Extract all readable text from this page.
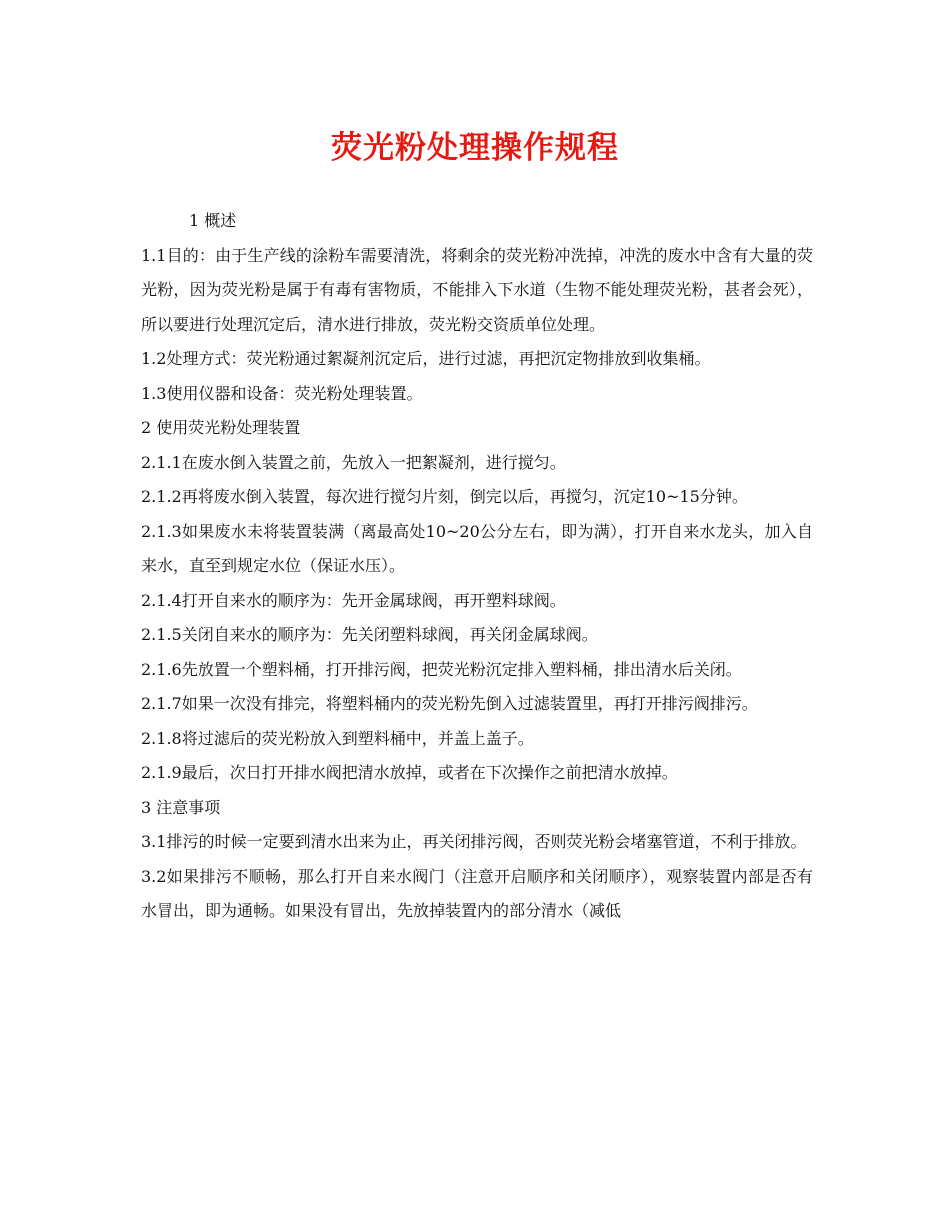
荧光粉处理操作规程

1 概述

1.1目的：由于生产线的涂粉车需要清洗，将剩余的荧光粉冲洗掉，冲洗的废水中含有大量的荧光粉，因为荧光粉是属于有毒有害物质，不能排入下水道（生物不能处理荧光粉，甚者会死），所以要进行处理沉定后，清水进行排放，荧光粉交资质单位处理。

1.2处理方式：荧光粉通过絮凝剂沉定后，进行过滤，再把沉定物排放到收集桶。

1.3使用仪器和设备：荧光粉处理装置。

2 使用荧光粉处理装置

2.1.1在废水倒入装置之前，先放入一把絮凝剂，进行搅匀。

2.1.2再将废水倒入装置，每次进行搅匀片刻，倒完以后，再搅匀，沉定10~15分钟。

2.1.3如果废水未将装置装满（离最高处10~20公分左右，即为满），打开自来水龙头，加入自来水，直至到规定水位（保证水压）。

2.1.4打开自来水的顺序为：先开金属球阀，再开塑料球阀。

2.1.5关闭自来水的顺序为：先关闭塑料球阀，再关闭金属球阀。

2.1.6先放置一个塑料桶，打开排污阀，把荧光粉沉定排入塑料桶，排出清水后关闭。

2.1.7如果一次没有排完，将塑料桶内的荧光粉先倒入过滤装置里，再打开排污阀排污。

2.1.8将过滤后的荧光粉放入到塑料桶中，并盖上盖子。

2.1.9最后，次日打开排水阀把清水放掉，或者在下次操作之前把清水放掉。

3 注意事项

3.1排污的时候一定要到清水出来为止，再关闭排污阀，否则荧光粉会堵塞管道，不利于排放。

3.2如果排污不顺畅，那么打开自来水阀门（注意开启顺序和关闭顺序），观察装置内部是否有水冒出，即为通畅。如果没有冒出，先放掉装置内的部分清水（减低
